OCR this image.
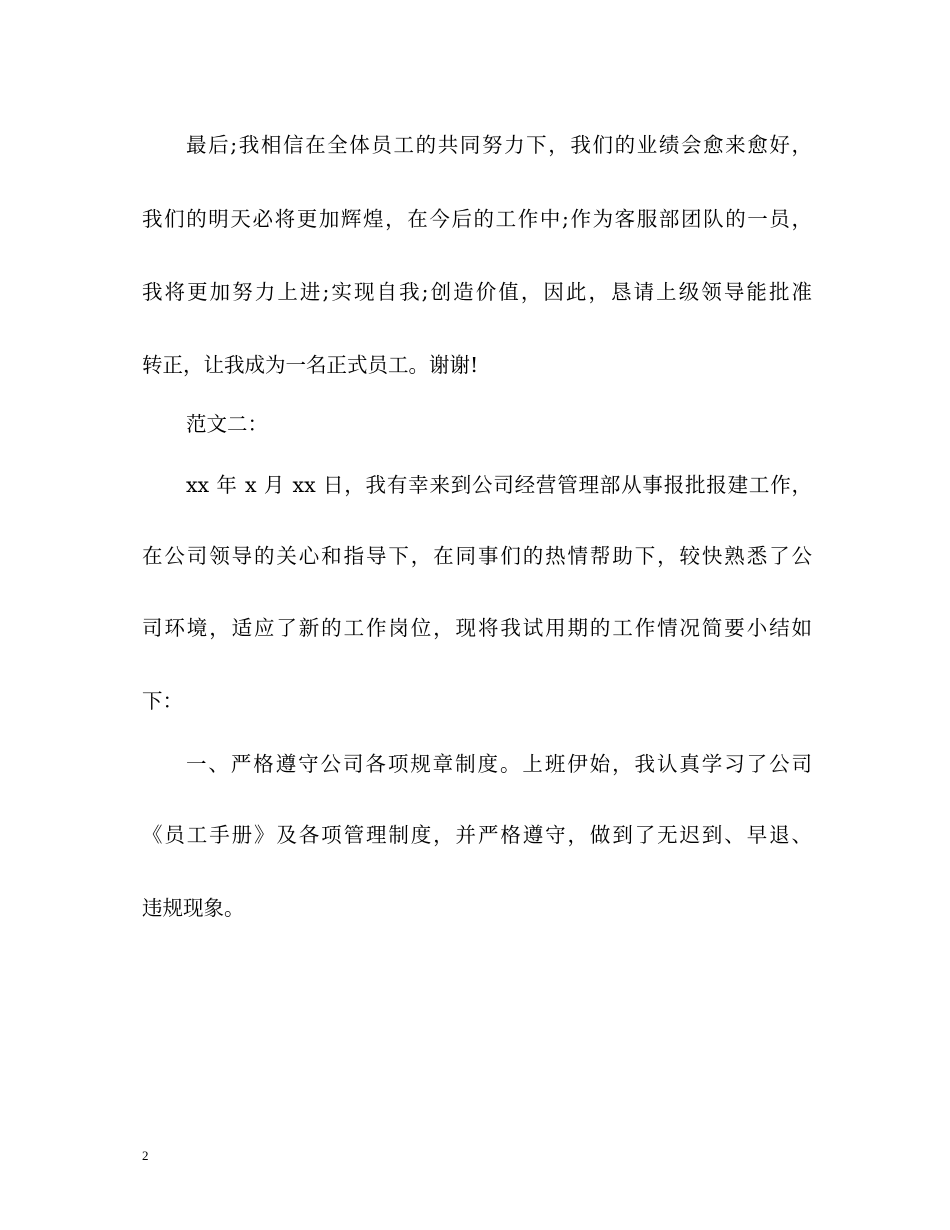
最后;我相信在全体员工的共同努力下，我们的业绩会愈来愈好，
我们的明天必将更加辉煌，在今后的工作中;作为客服部团队的一员，
我将更加努力上进;实现自我;创造价值，因此，恳请上级领导能批准
转正，让我成为一名正式员工。谢谢!
范文二：
xx 年 x 月 xx 日，我有幸来到公司经营管理部从事报批报建工作，
在公司领导的关心和指导下，在同事们的热情帮助下，较快熟悉了公
司环境，适应了新的工作岗位，现将我试用期的工作情况简要小结如
下：
一、严格遵守公司各项规章制度。上班伊始，我认真学习了公司
《员工手册》及各项管理制度，并严格遵守，做到了无迟到、早退、
违规现象。
2
